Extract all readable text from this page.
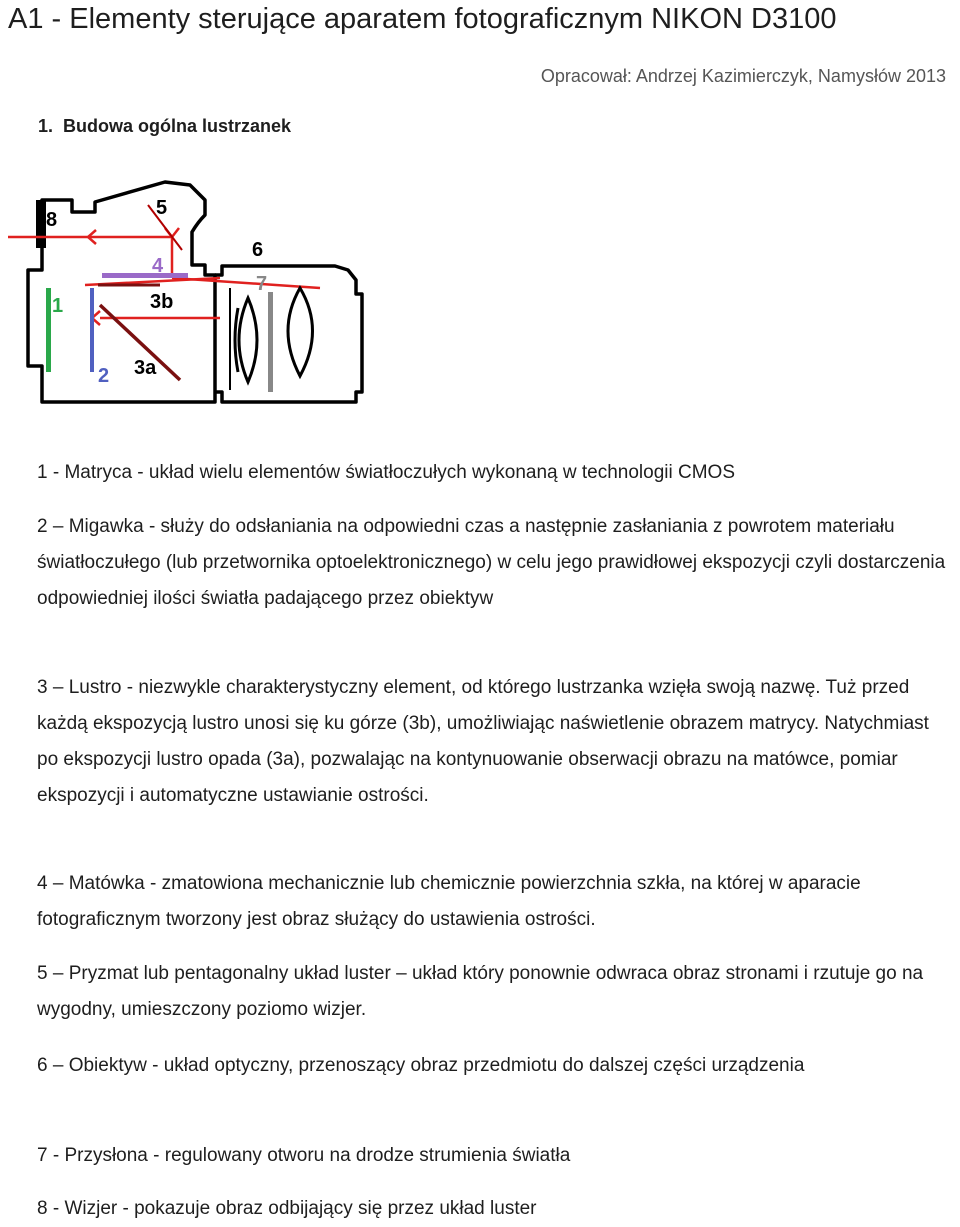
A1 - Elementy sterujące aparatem fotograficznym NIKON D3100
Opracował: Andrzej Kazimierczyk, Namysłów 2013
1. Budowa ogólna lustrzanek
8
5
6
4
7
3b
1
3a
2
1 - Matryca - układ wielu elementów światłoczułych wykonaną w technologii CMOS
2 – Migawka - służy do odsłaniania na odpowiedni czas a następnie zasłaniania z powrotem materiału światłoczułego (lub przetwornika optoelektronicznego) w celu jego prawidłowej ekspozycji czyli dostarczenia odpowiedniej ilości światła padającego przez obiektyw
3 – Lustro - niezwykle charakterystyczny element, od którego lustrzanka wzięła swoją nazwę. Tuż przed każdą ekspozycją lustro unosi się ku górze (3b), umożliwiając naświetlenie obrazem matrycy. Natychmiast po ekspozycji lustro opada (3a), pozwalając na kontynuowanie obserwacji obrazu na matówce, pomiar ekspozycji i automatyczne ustawianie ostrości.
4 – Matówka - zmatowiona mechanicznie lub chemicznie powierzchnia szkła, na której w aparacie fotograficznym tworzony jest obraz służący do ustawienia ostrości.
5 – Pryzmat lub pentagonalny układ luster – układ który ponownie odwraca obraz stronami i rzutuje go na wygodny, umieszczony poziomo wizjer.
6 – Obiektyw - układ optyczny, przenoszący obraz przedmiotu do dalszej części urządzenia
7 - Przysłona - regulowany otworu na drodze strumienia światła
8 - Wizjer - pokazuje obraz odbijający się przez układ luster
